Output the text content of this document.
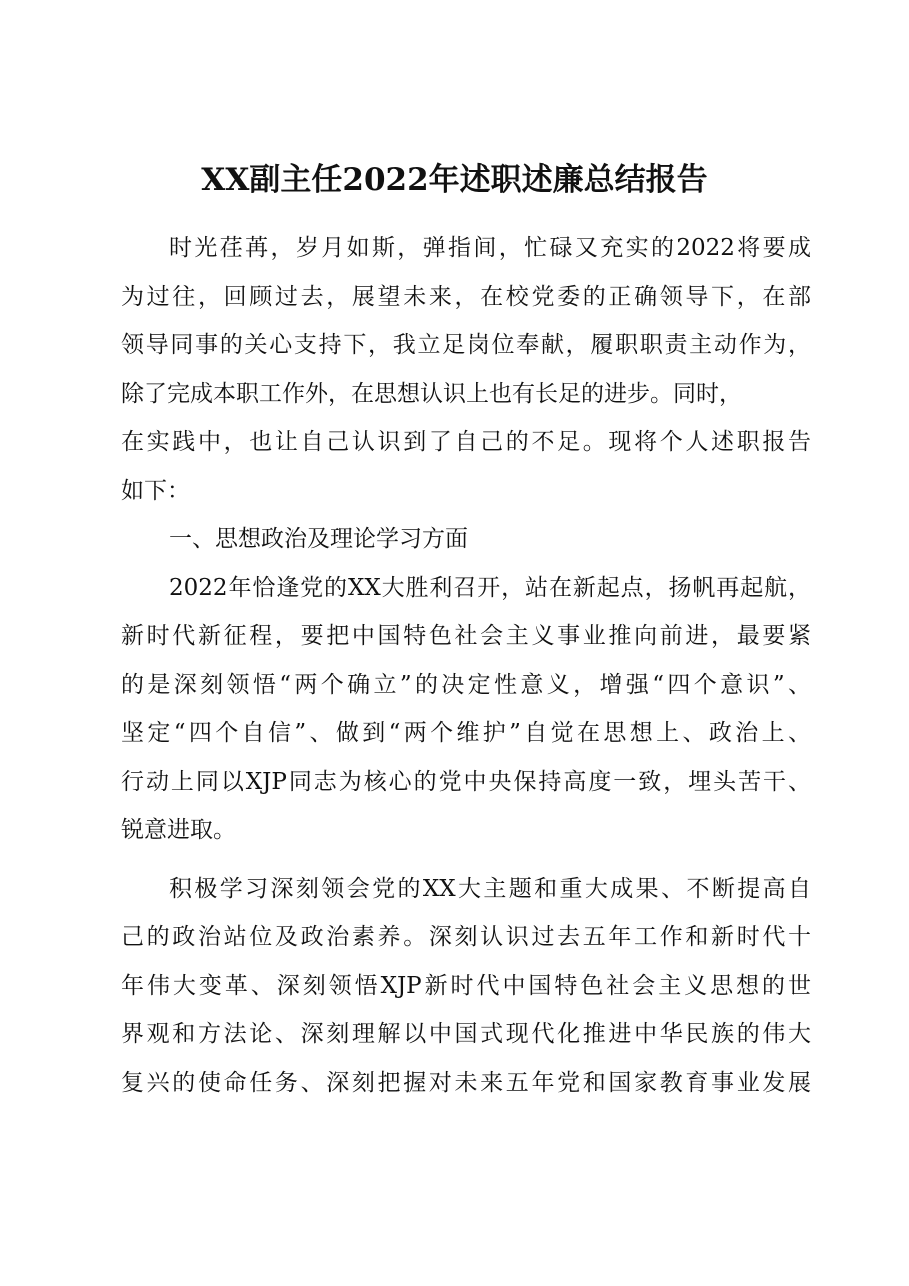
XX副主任2022年述职述廉总结报告
时光荏苒，岁月如斯，弹指间，忙碌又充实的2022将要成
为过往，回顾过去，展望未来，在校党委的正确领导下，在部
领导同事的关心支持下，我立足岗位奉献，履职职责主动作为，
除了完成本职工作外，在思想认识上也有长足的进步。同时，
在实践中，也让自己认识到了自己的不足。现将个人述职报告
如下：
一、思想政治及理论学习方面
2022年恰逢党的XX大胜利召开，站在新起点，扬帆再起航，
新时代新征程，要把中国特色社会主义事业推向前进，最要紧
的是深刻领悟“两个确立”的决定性意义，增强“四个意识”、
坚定“四个自信”、做到“两个维护”自觉在思想上、政治上、
行动上同以XJP同志为核心的党中央保持高度一致，埋头苦干、
锐意进取。
积极学习深刻领会党的XX大主题和重大成果、不断提高自
己的政治站位及政治素养。深刻认识过去五年工作和新时代十
年伟大变革、深刻领悟XJP新时代中国特色社会主义思想的世
界观和方法论、深刻理解以中国式现代化推进中华民族的伟大
复兴的使命任务、深刻把握对未来五年党和国家教育事业发展
